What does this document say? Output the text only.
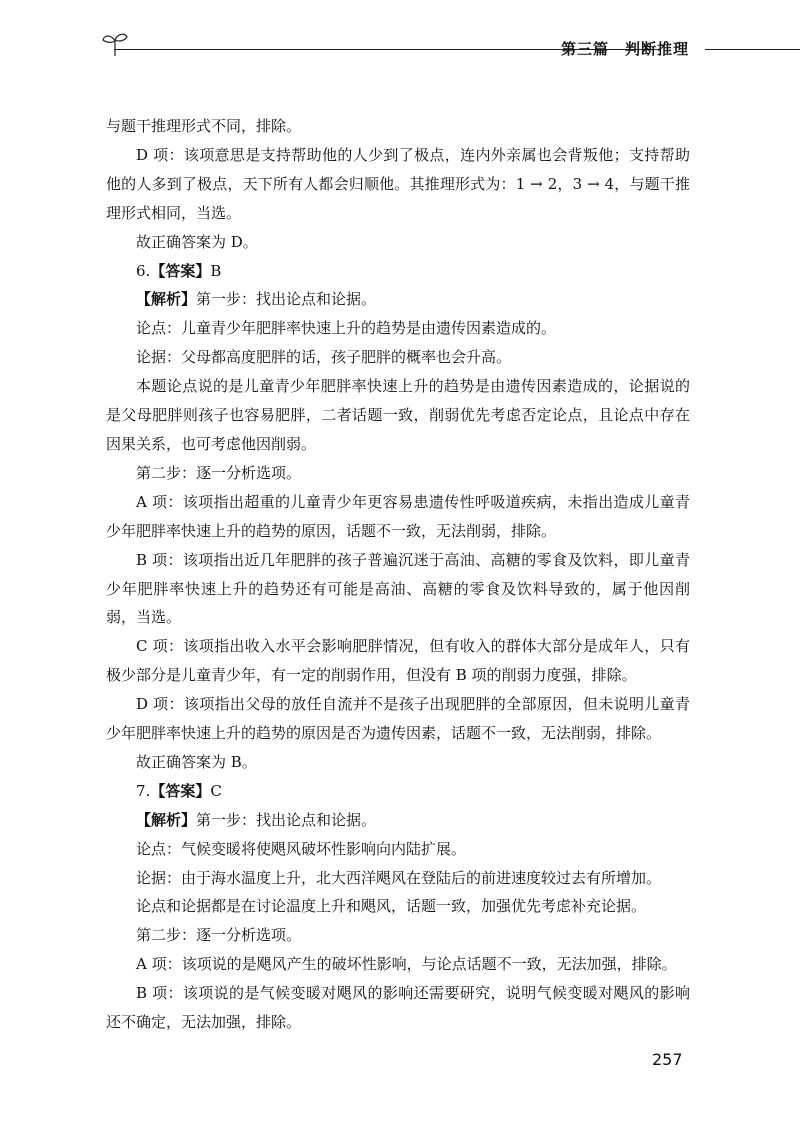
第三篇　判断推理

与题干推理形式不同，排除。

D 项：该项意思是支持帮助他的人少到了极点，连内外亲属也会背叛他；支持帮助他的人多到了极点，天下所有人都会归顺他。其推理形式为：1 → 2，3 → 4，与题干推理形式相同，当选。

故正确答案为 D。

6.【答案】B

【解析】第一步：找出论点和论据。

论点：儿童青少年肥胖率快速上升的趋势是由遗传因素造成的。

论据：父母都高度肥胖的话，孩子肥胖的概率也会升高。

本题论点说的是儿童青少年肥胖率快速上升的趋势是由遗传因素造成的，论据说的是父母肥胖则孩子也容易肥胖，二者话题一致，削弱优先考虑否定论点，且论点中存在因果关系，也可考虑他因削弱。

第二步：逐一分析选项。

A 项：该项指出超重的儿童青少年更容易患遗传性呼吸道疾病，未指出造成儿童青少年肥胖率快速上升的趋势的原因，话题不一致，无法削弱，排除。

B 项：该项指出近几年肥胖的孩子普遍沉迷于高油、高糖的零食及饮料，即儿童青少年肥胖率快速上升的趋势还有可能是高油、高糖的零食及饮料导致的，属于他因削弱，当选。

C 项：该项指出收入水平会影响肥胖情况，但有收入的群体大部分是成年人，只有极少部分是儿童青少年，有一定的削弱作用，但没有 B 项的削弱力度强，排除。

D 项：该项指出父母的放任自流并不是孩子出现肥胖的全部原因，但未说明儿童青少年肥胖率快速上升的趋势的原因是否为遗传因素，话题不一致，无法削弱，排除。

故正确答案为 B。

7.【答案】C

【解析】第一步：找出论点和论据。

论点：气候变暖将使飓风破坏性影响向内陆扩展。

论据：由于海水温度上升，北大西洋飓风在登陆后的前进速度较过去有所增加。

论点和论据都是在讨论温度上升和飓风，话题一致，加强优先考虑补充论据。

第二步：逐一分析选项。

A 项：该项说的是飓风产生的破坏性影响，与论点话题不一致，无法加强，排除。

B 项：该项说的是气候变暖对飓风的影响还需要研究，说明气候变暖对飓风的影响还不确定，无法加强，排除。

257
